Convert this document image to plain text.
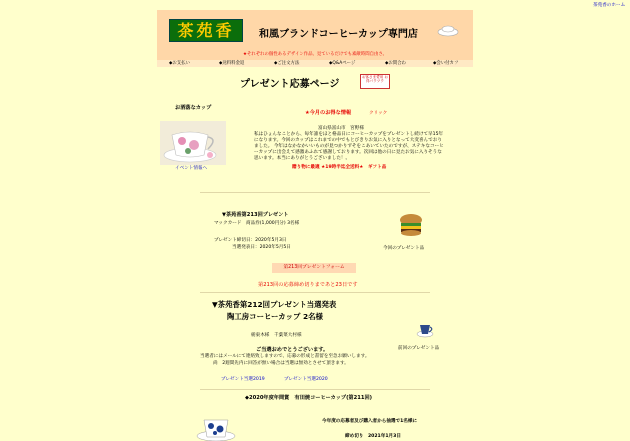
茶苑香のホーム
茶苑香	和風ブランドコーヒーカップ専門店
★それぞれの個性あるデザイン作品、見ているだけでも素敵時間自由さ。
◆お支払い	◆送料料金返	◆ご注文方法	◆Q&Aページ	◆お問合わ	◆会い付カフ
プレゼント応募ページ
お客さま愛用 お得パクツク
お洒落なカップ
イベント情報へ
★今月のお得な情報	クリック
富山県富山市　宮野様
私はひょんなことから、毎年誰をほと格品日にコーヒーカップをプレゼントし続けて早15年になります。今回のカップはこれまでの中でもとびきりお気に入りとなって大変喜んでおりました。 今年はなかなかいいものが見つかりずそをこあいていたのですが、ステキなコーヒーカップに出会えて感激あふれて感謝しております。次回は他の日に見たお気に入りそうな思います。本当にありがとうございました！。
贈り物に最適 ★19時半迄全送料★　ギフト品
▼茶苑香第213回プレゼント
マックカード　商品券(1,000円分) 3名様
プレゼント締切日：2020年5月3日
当選発表日：2020年5月5日	今回のプレゼント品
第213回プレゼントフォーム
第213回の応募締め切りまであと23日です
▼茶苑香第212回プレゼント当選発表
陶工房コーヒーカップ 2名様
栃東木様　千葉菜大村様
ご当選おめでとうございます。
当選者にはメールにて連絡致しますので、応募の形成と書留を至急お願いします。
尚　2週間先内に回答が無い場合は当選は無効とさせて頂きます。
前回のプレゼント品
プレゼント当選2019	プレゼント当選2020
◆2020年度年間賞　有田焼コーヒーカップ(第211回)
今年度の応募者及び購入者から抽選で1名様に
締め切り　2021年1月3日
